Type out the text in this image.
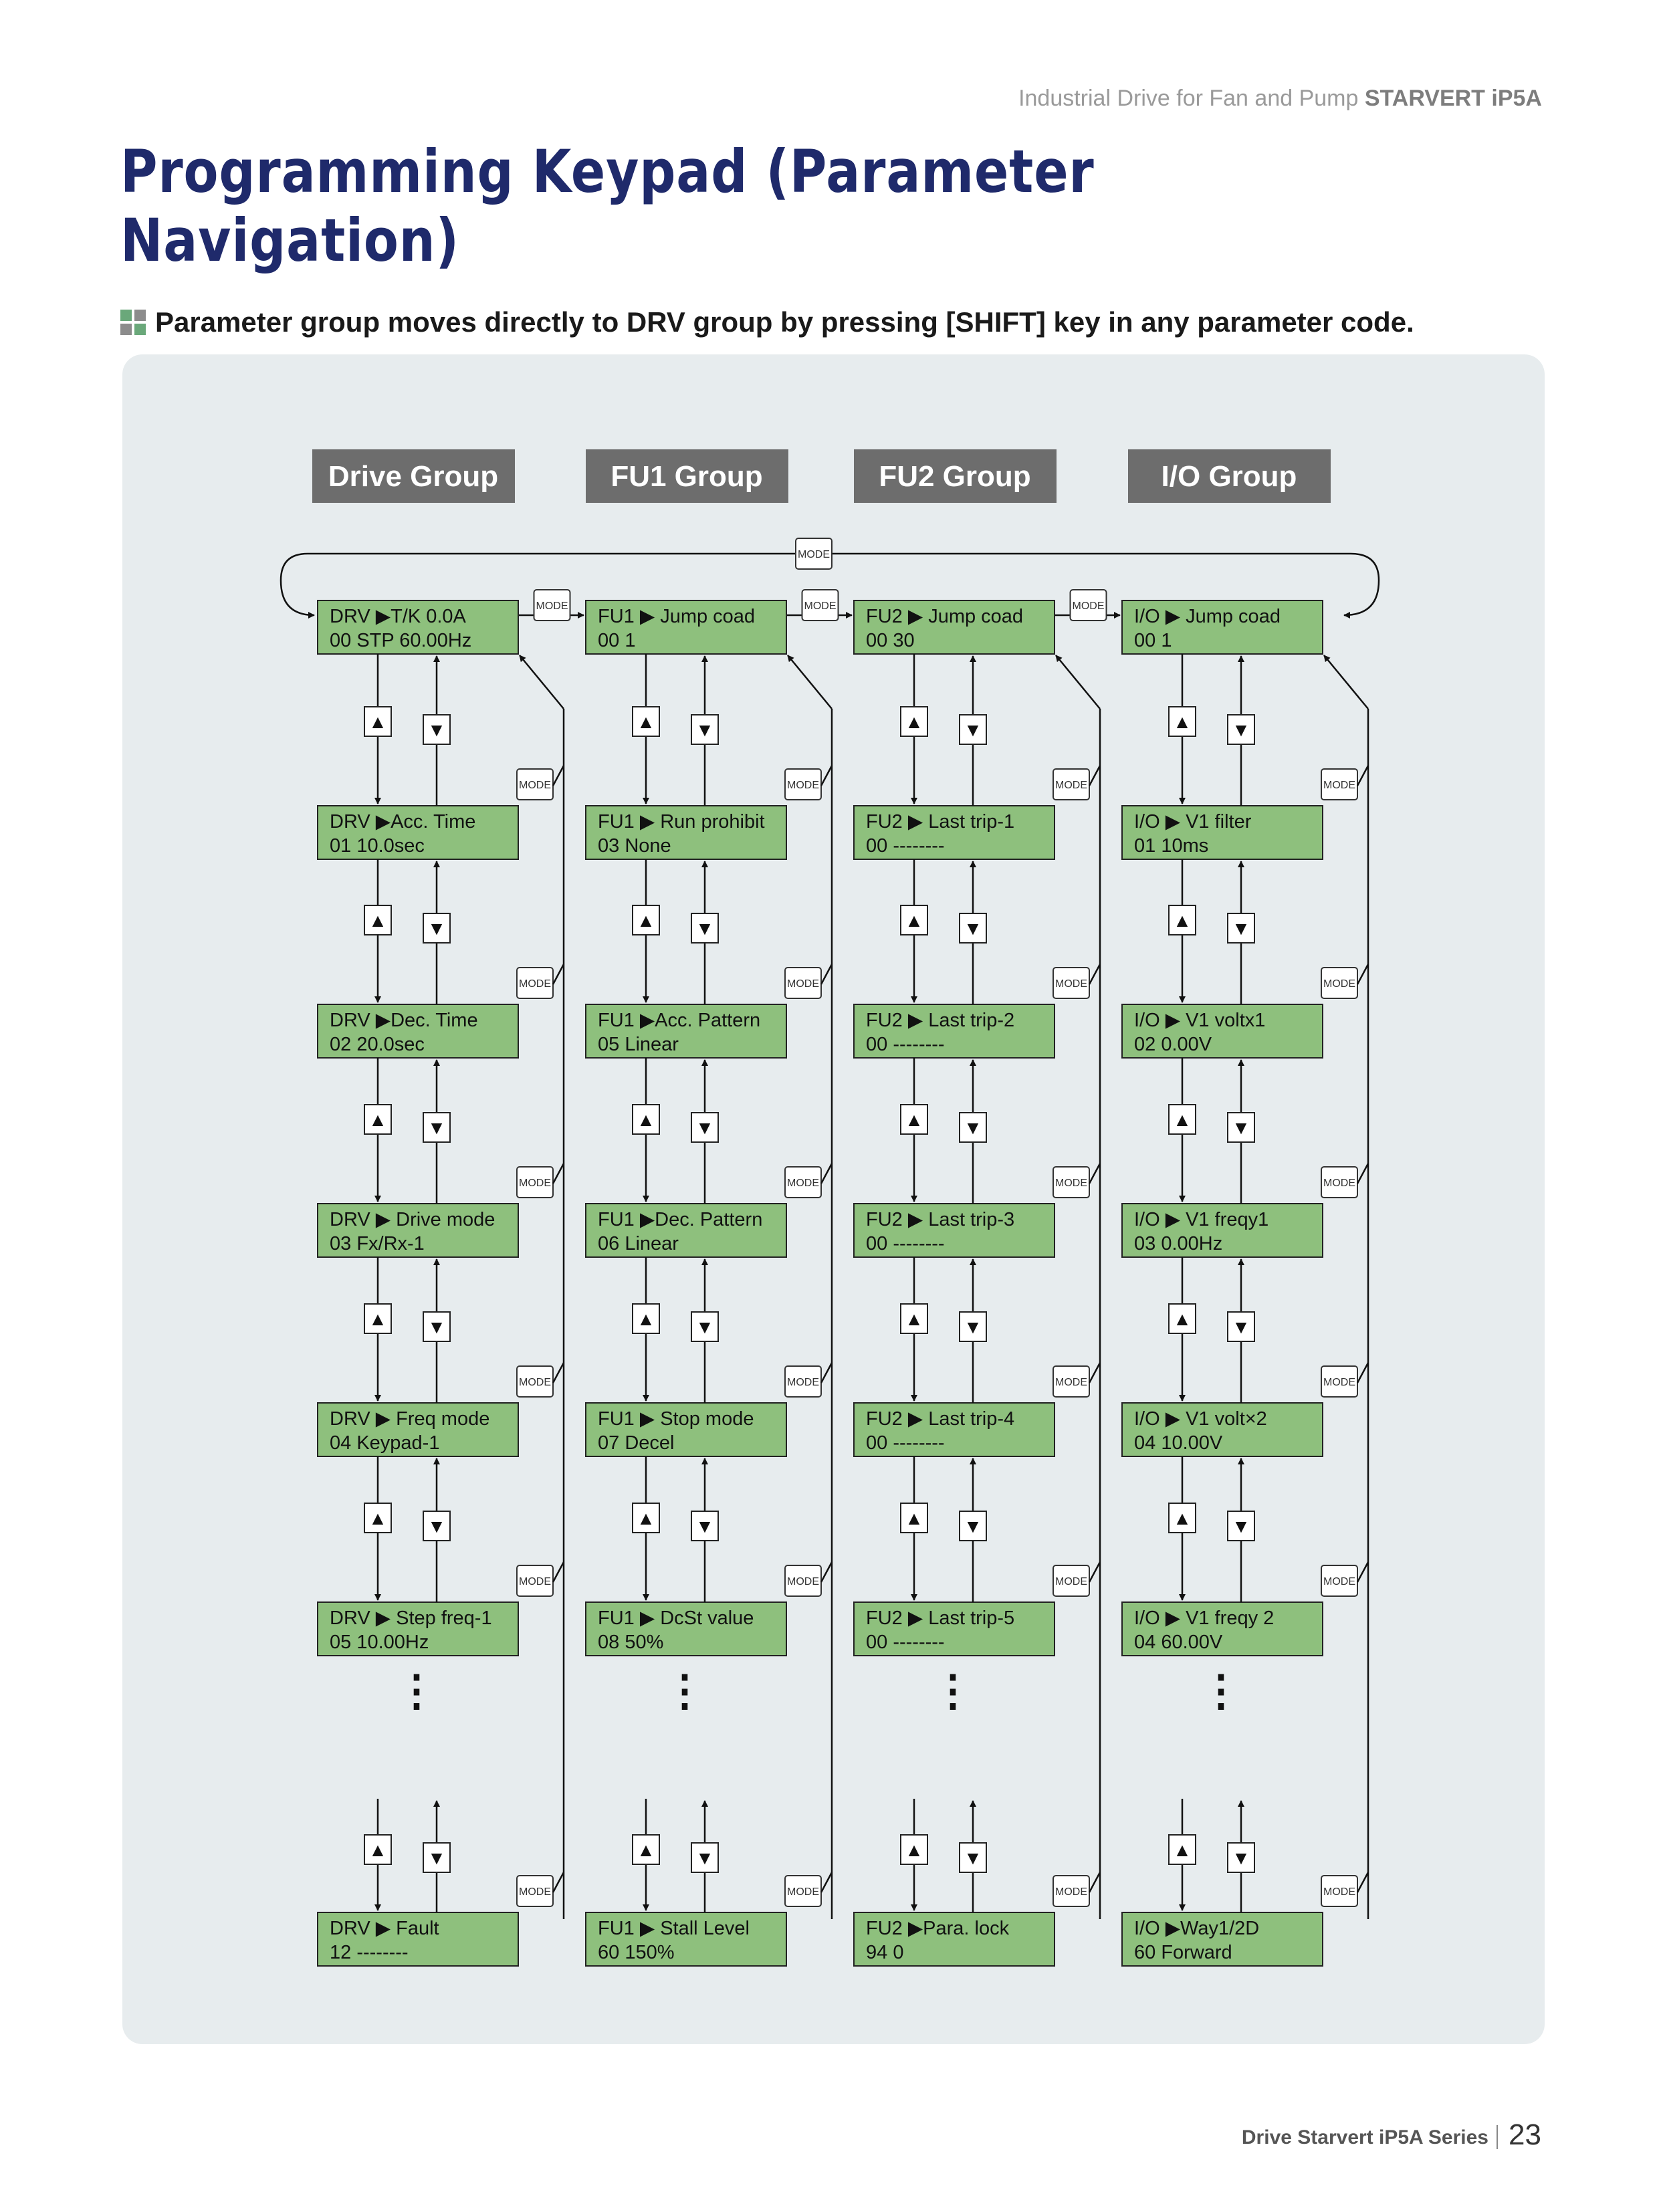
Industrial Drive for Fan and Pump STARVERT iP5A
Programming Keypad (Parameter Navigation)
Parameter group moves directly to DRV group by pressing [SHIFT] key in any parameter code.
Drive Group	FU1 Group	FU2 Group	I/O Group
MODE
MODE	MODE	MODE
DRV ▶T/K 0.0A
00 STP 60.00Hz
DRV ▶Acc. Time
01 10.0sec
▲ ▼
MODE
DRV ▶Dec. Time
02 20.0sec
▲ ▼
MODE
DRV ▶ Drive mode
03 Fx/Rx-1
▲ ▼
MODE
DRV ▶ Freq mode
04 Keypad-1
▲ ▼
MODE
DRV ▶ Step freq-1
05 10.00Hz
▲ ▼
MODE
DRV ▶ Fault
12 --------
▲ ▼
MODE
⋮
FU1 ▶ Jump coad
00 1
FU1 ▶ Run prohibit
03 None
▲ ▼
MODE
FU1 ▶Acc. Pattern
05 Linear
▲ ▼
MODE
FU1 ▶Dec. Pattern
06 Linear
▲ ▼
MODE
FU1 ▶ Stop mode
07 Decel
▲ ▼
MODE
FU1 ▶ DcSt value
08 50%
▲ ▼
MODE
FU1 ▶ Stall Level
60 150%
▲ ▼
MODE
⋮
FU2 ▶ Jump coad
00 30
FU2 ▶ Last trip-1
00 --------
▲ ▼
MODE
FU2 ▶ Last trip-2
00 --------
▲ ▼
MODE
FU2 ▶ Last trip-3
00 --------
▲ ▼
MODE
FU2 ▶ Last trip-4
00 --------
▲ ▼
MODE
FU2 ▶ Last trip-5
00 --------
▲ ▼
MODE
FU2 ▶Para. lock
94 0
▲ ▼
MODE
⋮
I/O ▶ Jump coad
00 1
I/O ▶ V1 filter
01 10ms
▲ ▼
MODE
I/O ▶ V1 voltx1
02 0.00V
▲ ▼
MODE
I/O ▶ V1 freqy1
03 0.00Hz
▲ ▼
MODE
I/O ▶ V1 volt×2
04 10.00V
▲ ▼
MODE
I/O ▶ V1 freqy 2
04 60.00V
▲ ▼
MODE
I/O ▶Way1/2D
60 Forward
▲ ▼
MODE
⋮
Drive Starvert iP5A Series 23
